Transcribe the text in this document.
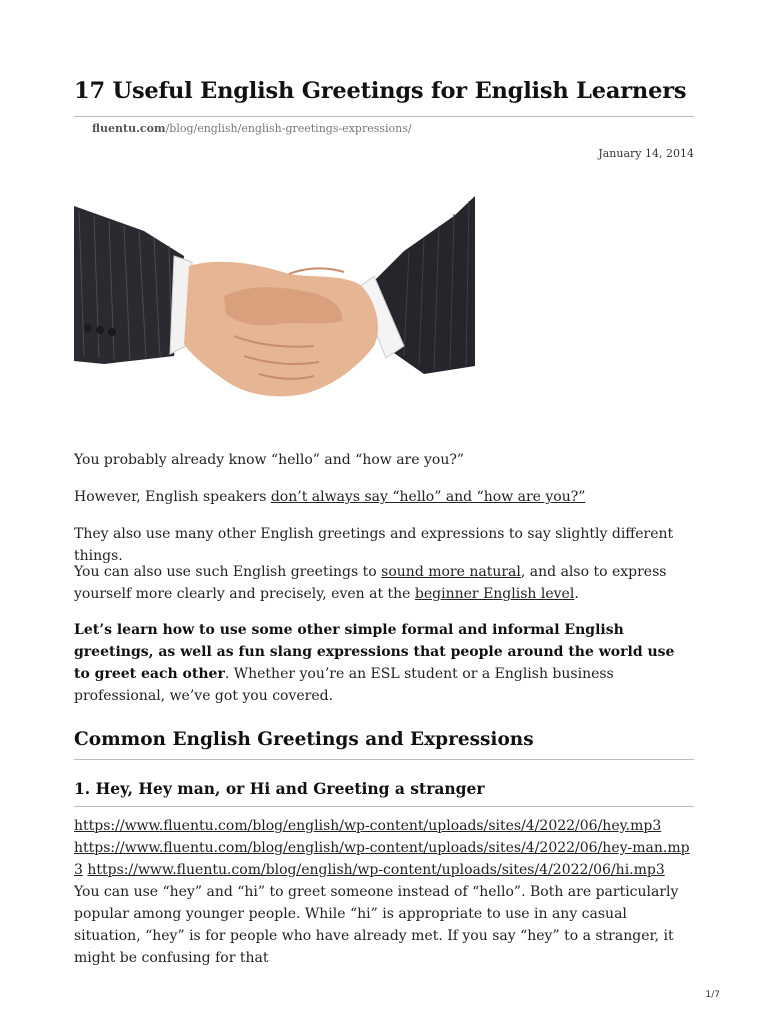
17 Useful English Greetings for English Learners
fluentu.com/blog/english/english-greetings-expressions/
January 14, 2014

You probably already know “hello” and “how are you?”

However, English speakers don’t always say “hello” and “how are you?”

They also use many other English greetings and expressions to say slightly different things.

You can also use such English greetings to sound more natural, and also to express yourself more clearly and precisely, even at the beginner English level.

Let’s learn how to use some other simple formal and informal English greetings, as well as fun slang expressions that people around the world use to greet each other. Whether you’re an ESL student or a English business professional, we’ve got you covered.

Common English Greetings and Expressions
1. Hey, Hey man, or Hi and Greeting a stranger
https://www.fluentu.com/blog/english/wp-content/uploads/sites/4/2022/06/hey.mp3
https://www.fluentu.com/blog/english/wp-content/uploads/sites/4/2022/06/hey-man.mp3 https://www.fluentu.com/blog/english/wp-content/uploads/sites/4/2022/06/hi.mp3
You can use “hey” and “hi” to greet someone instead of “hello”. Both are particularly popular among younger people. While “hi” is appropriate to use in any casual situation, “hey” is for people who have already met. If you say “hey” to a stranger, it might be confusing for that
1/7
